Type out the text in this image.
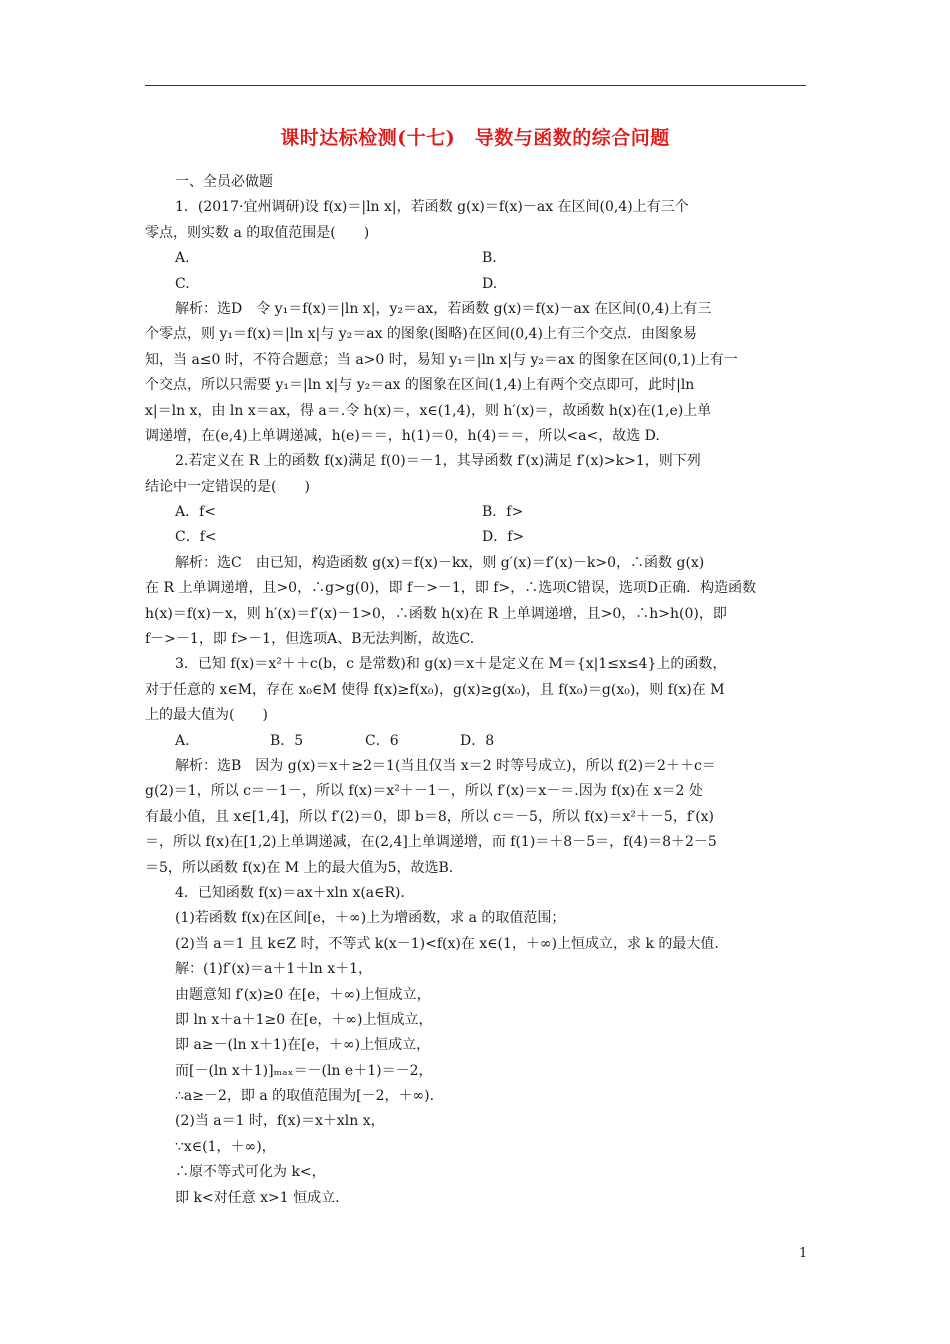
课时达标检测(十七)　导数与函数的综合问题
一、全员必做题
1．(2017·宜州调研)设 f(x)＝|ln x|，若函数 g(x)＝f(x)－ax 在区间(0,4)上有三个
零点，则实数 a 的取值范围是(　　)
A.	B.
C.	D.
解析：选D　令 y₁＝f(x)＝|ln x|，y₂＝ax，若函数 g(x)＝f(x)－ax 在区间(0,4)上有三
个零点，则 y₁＝f(x)＝|ln x|与 y₂＝ax 的图象(图略)在区间(0,4)上有三个交点．由图象易
知，当 a≤0 时，不符合题意；当 a>0 时，易知 y₁＝|ln x|与 y₂＝ax 的图象在区间(0,1)上有一
个交点，所以只需要 y₁＝|ln x|与 y₂＝ax 的图象在区间(1,4)上有两个交点即可，此时|ln
x|＝ln x，由 ln x＝ax，得 a＝.令 h(x)＝，x∈(1,4)，则 h′(x)＝，故函数 h(x)在(1,e)上单
调递增，在(e,4)上单调递减，h(e)＝＝，h(1)＝0，h(4)＝＝，所以<a<，故选 D.
2.若定义在 R 上的函数 f(x)满足 f(0)＝－1，其导函数 f′(x)满足 f′(x)>k>1，则下列
结论中一定错误的是(　　)
A．f<	B．f>
C．f<	D．f>
解析：选C　由已知，构造函数 g(x)＝f(x)－kx，则 g′(x)＝f′(x)－k>0，∴函数 g(x)
在 R 上单调递增，且>0，∴g>g(0)，即 f－>－1，即 f>，∴选项C错误，选项D正确．构造函数
h(x)＝f(x)－x，则 h′(x)＝f′(x)－1>0，∴函数 h(x)在 R 上单调递增，且>0，∴h>h(0)，即
f－>－1，即 f>－1，但选项A、B无法判断，故选C.
3．已知 f(x)＝x²＋＋c(b，c 是常数)和 g(x)＝x＋是定义在 M＝{x|1≤x≤4}上的函数，
对于任意的 x∈M，存在 x₀∈M 使得 f(x)≥f(x₀)，g(x)≥g(x₀)，且 f(x₀)＝g(x₀)，则 f(x)在 M
上的最大值为(　　)
A.	B．5	C．6	D．8
解析：选B　因为 g(x)＝x＋≥2＝1(当且仅当 x＝2 时等号成立)，所以 f(2)＝2＋＋c＝
g(2)＝1，所以 c＝－1－，所以 f(x)＝x²＋－1－，所以 f′(x)＝x－＝.因为 f(x)在 x＝2 处
有最小值，且 x∈[1,4]，所以 f′(2)＝0，即 b＝8，所以 c＝－5，所以 f(x)＝x²＋－5，f′(x)
＝，所以 f(x)在[1,2)上单调递减，在(2,4]上单调递增，而 f(1)＝＋8－5＝，f(4)＝8＋2－5
＝5，所以函数 f(x)在 M 上的最大值为5，故选B.
4．已知函数 f(x)＝ax＋xln x(a∈R)．
(1)若函数 f(x)在区间[e，＋∞)上为增函数，求 a 的取值范围；
(2)当 a＝1 且 k∈Z 时，不等式 k(x－1)<f(x)在 x∈(1，＋∞)上恒成立，求 k 的最大值.
解：(1)f′(x)＝a＋1＋ln x＋1，
由题意知 f′(x)≥0 在[e，＋∞)上恒成立，
即 ln x＋a＋1≥0 在[e，＋∞)上恒成立，
即 a≥－(ln x＋1)在[e，＋∞)上恒成立，
而[－(ln x＋1)]ₘₐₓ＝－(ln e＋1)＝－2，
∴a≥－2，即 a 的取值范围为[－2，＋∞)．
(2)当 a＝1 时，f(x)＝x＋xln x，
∵x∈(1，＋∞)，
∴原不等式可化为 k<，
即 k<对任意 x>1 恒成立.
1
